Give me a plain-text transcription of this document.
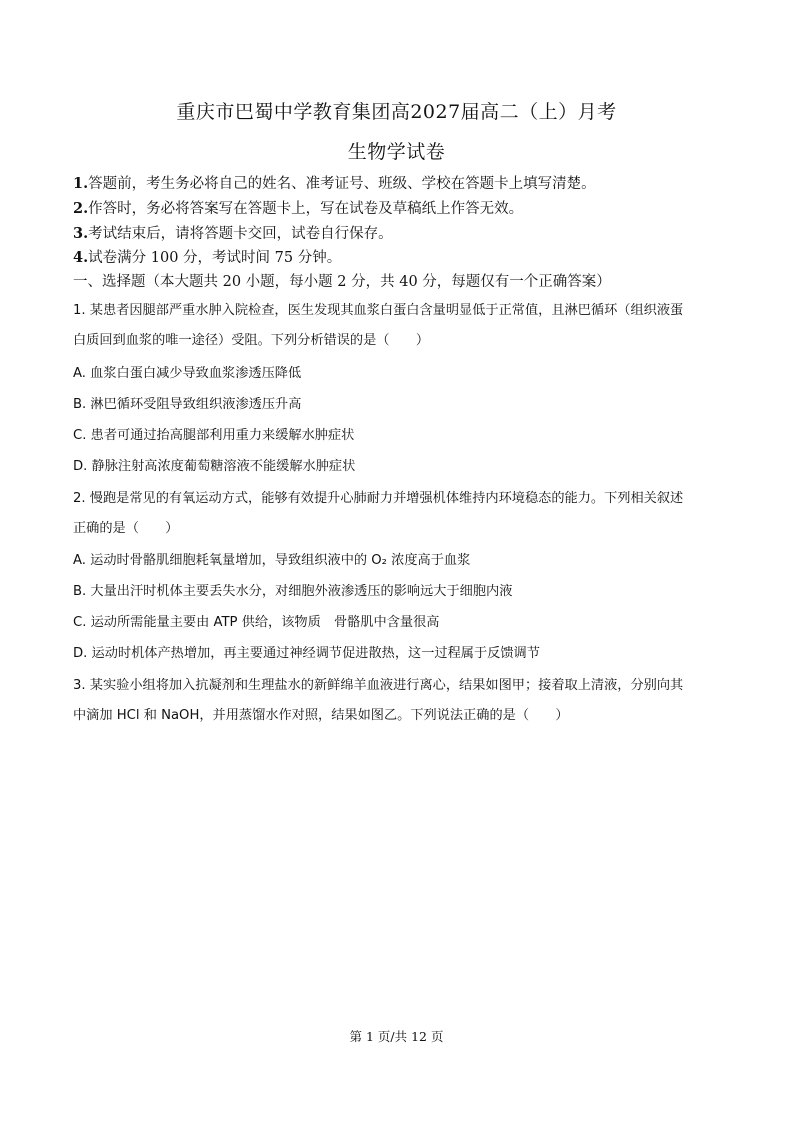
重庆市巴蜀中学教育集团高2027届高二（上）月考
生物学试卷
1.答题前，考生务必将自己的姓名、准考证号、班级、学校在答题卡上填写清楚。
2.作答时，务必将答案写在答题卡上，写在试卷及草稿纸上作答无效。
3.考试结束后，请将答题卡交回，试卷自行保存。
4.试卷满分 100 分，考试时间 75 分钟。
一、选择题（本大题共 20 小题，每小题 2 分，共 40 分，每题仅有一个正确答案）
1. 某患者因腿部严重水肿入院检查，医生发现其血浆白蛋白含量明显低于正常值，且淋巴循环（组织液蛋
白质回到血浆的唯一途径）受阻。下列分析错误的是（　　）
A. 血浆白蛋白减少导致血浆渗透压降低
B. 淋巴循环受阻导致组织液渗透压升高
C. 患者可通过抬高腿部利用重力来缓解水肿症状
D. 静脉注射高浓度葡萄糖溶液不能缓解水肿症状
2. 慢跑是常见的有氧运动方式，能够有效提升心肺耐力并增强机体维持内环境稳态的能力。下列相关叙述
正确的是（　　）
A. 运动时骨骼肌细胞耗氧量增加，导致组织液中的 O₂ 浓度高于血浆
B. 大量出汗时机体主要丢失水分，对细胞外液渗透压的影响远大于细胞内液
C. 运动所需能量主要由 ATP 供给，该物质　骨骼肌中含量很高
D. 运动时机体产热增加，再主要通过神经调节促进散热，这一过程属于反馈调节
3. 某实验小组将加入抗凝剂和生理盐水的新鲜绵羊血液进行离心，结果如图甲；接着取上清液，分别向其
中滴加 HCl 和 NaOH，并用蒸馏水作对照，结果如图乙。下列说法正确的是（　　）
第 1 页/共 12 页
